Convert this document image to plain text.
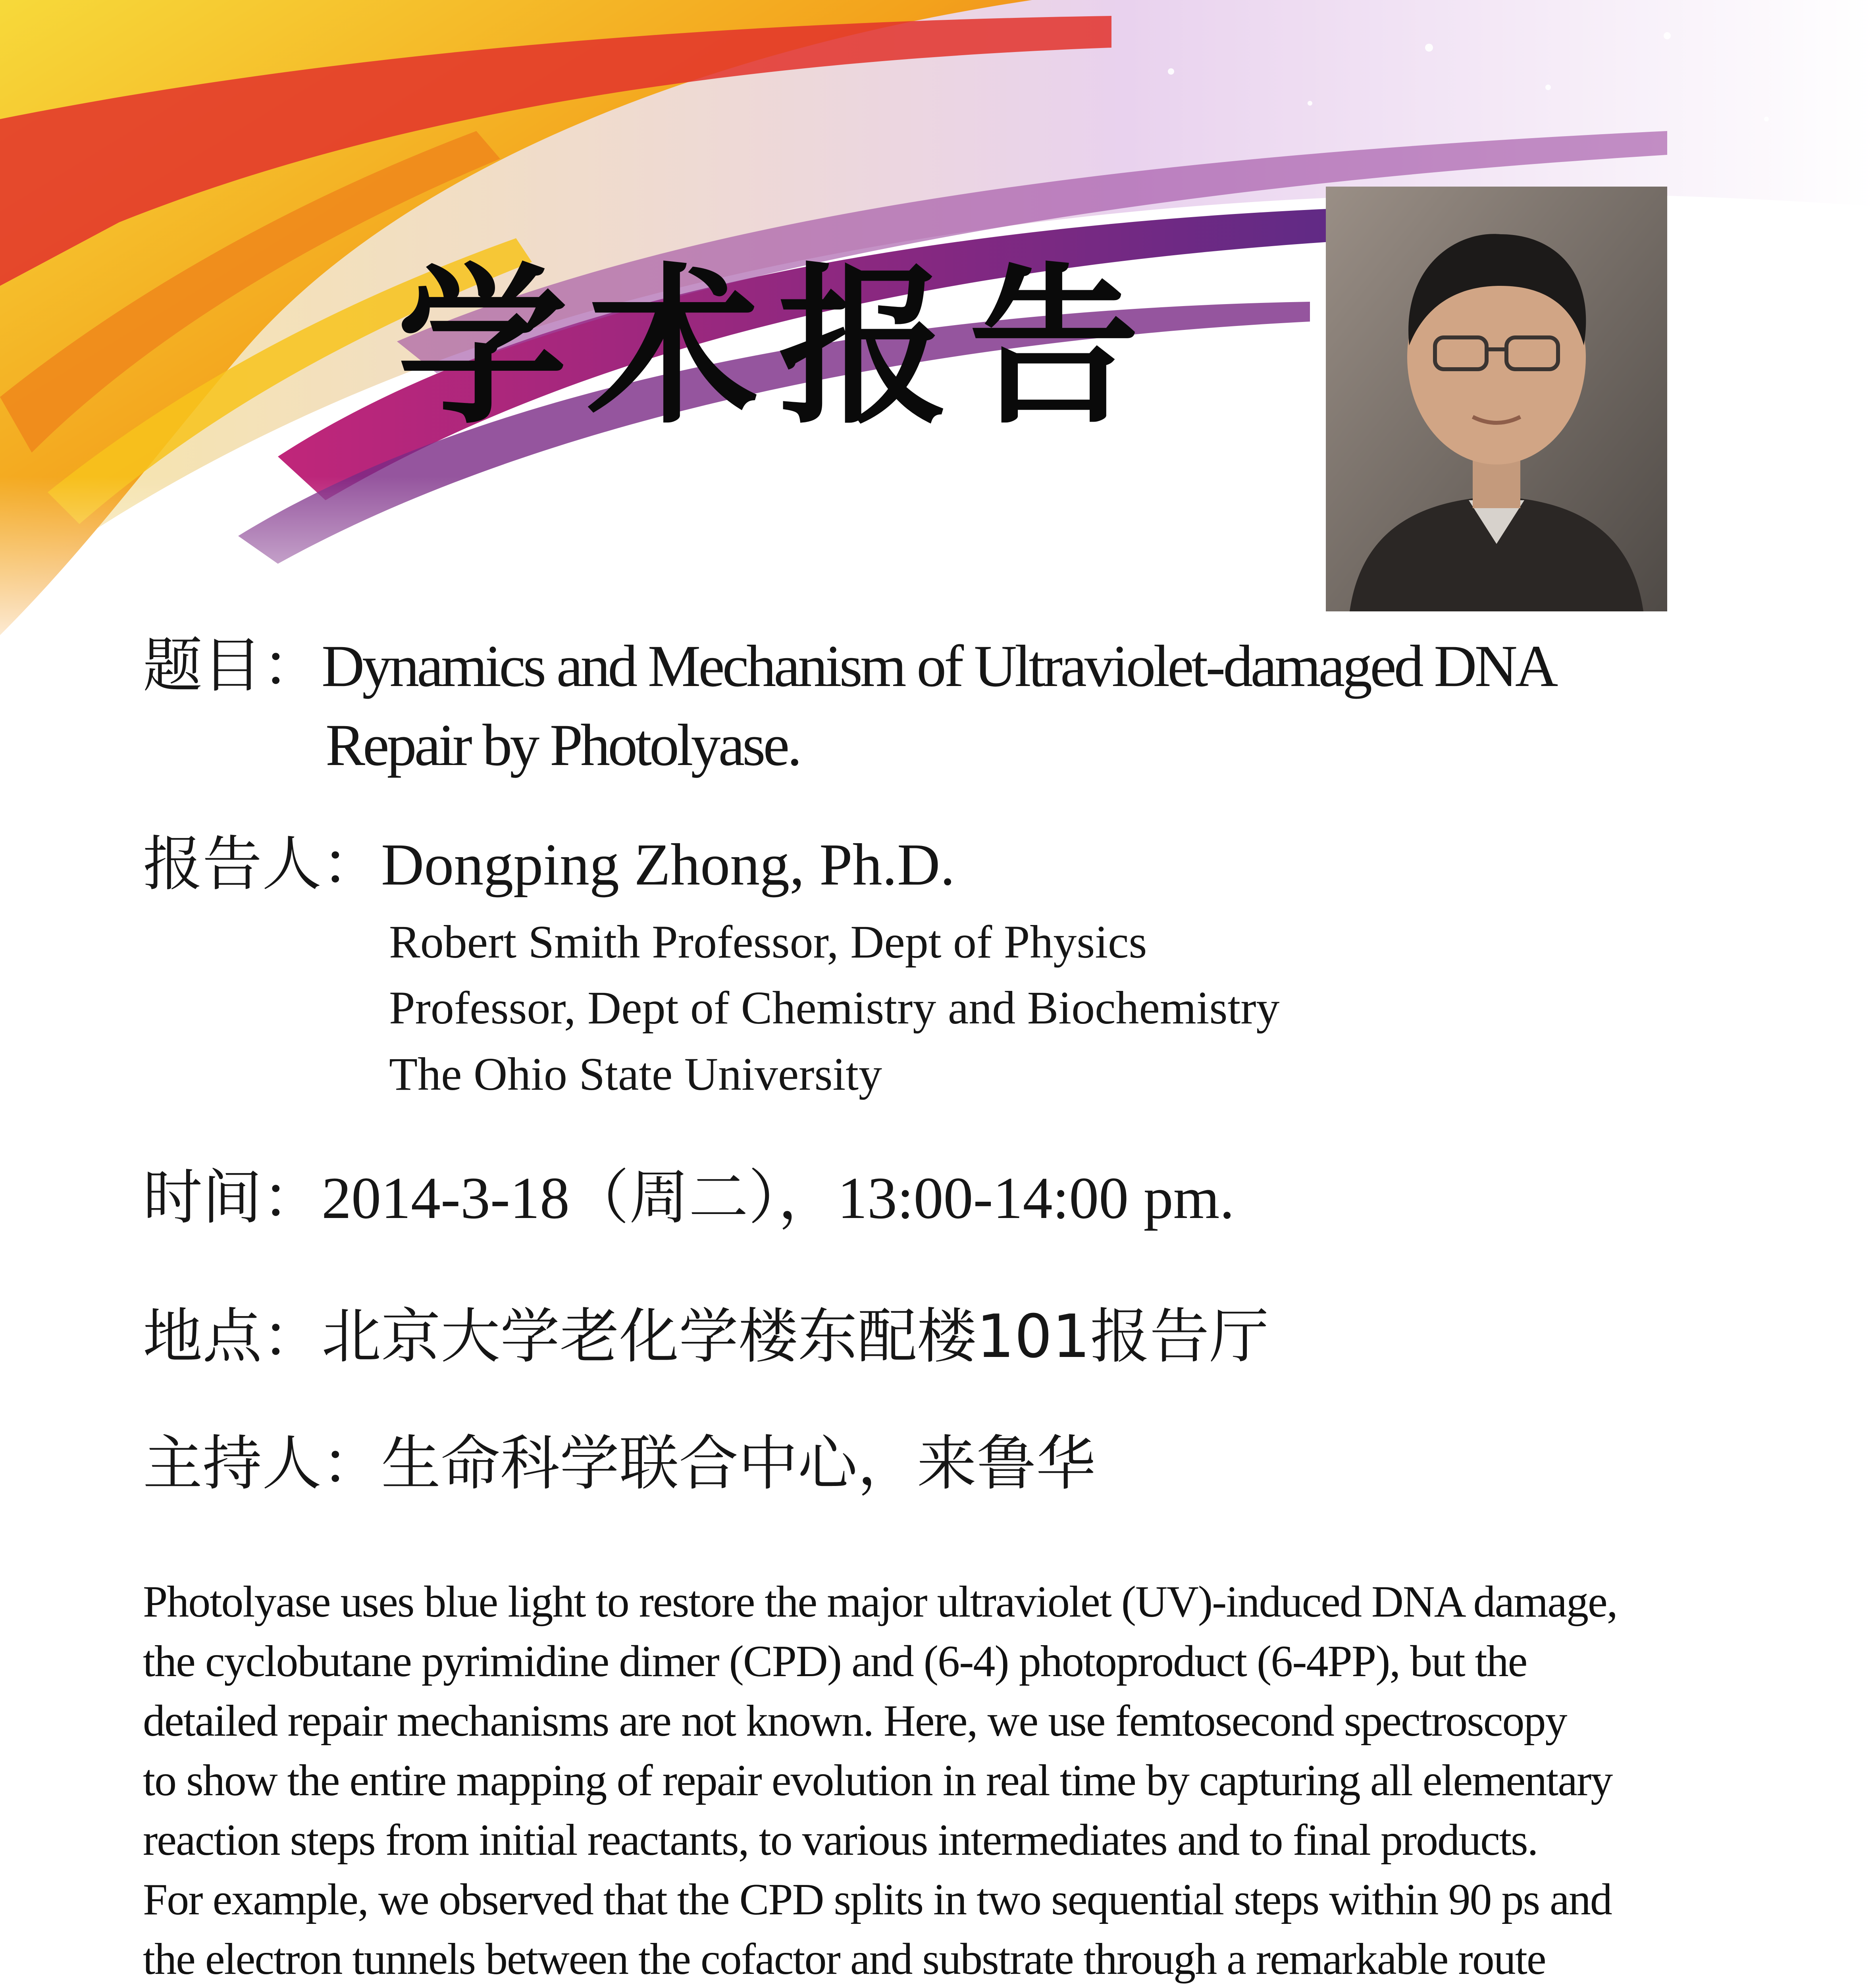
学术报告
题目：Dynamics and Mechanism of Ultraviolet-damaged DNA
Repair by Photolyase.
报告人：Dongping Zhong, Ph.D.
Robert Smith Professor, Dept of Physics
Professor, Dept of Chemistry and Biochemistry
The Ohio State University
时间：2014-3-18（周二），13:00-14:00 pm.
地点：北京大学老化学楼东配楼101报告厅
主持人：生命科学联合中心，来鲁华

Photolyase uses blue light to restore the major ultraviolet (UV)-induced DNA damage,

the cyclobutane pyrimidine dimer (CPD) and (6-4) photoproduct (6-4PP), but the

detailed repair mechanisms are not known. Here, we use femtosecond spectroscopy

to show the entire mapping of repair evolution in real time by capturing all elementary

reaction steps from initial reactants, to various intermediates and to final products.

For example, we observed that the CPD splits in two sequential steps within 90 ps and

the electron tunnels between the cofactor and substrate through a remarkable route
